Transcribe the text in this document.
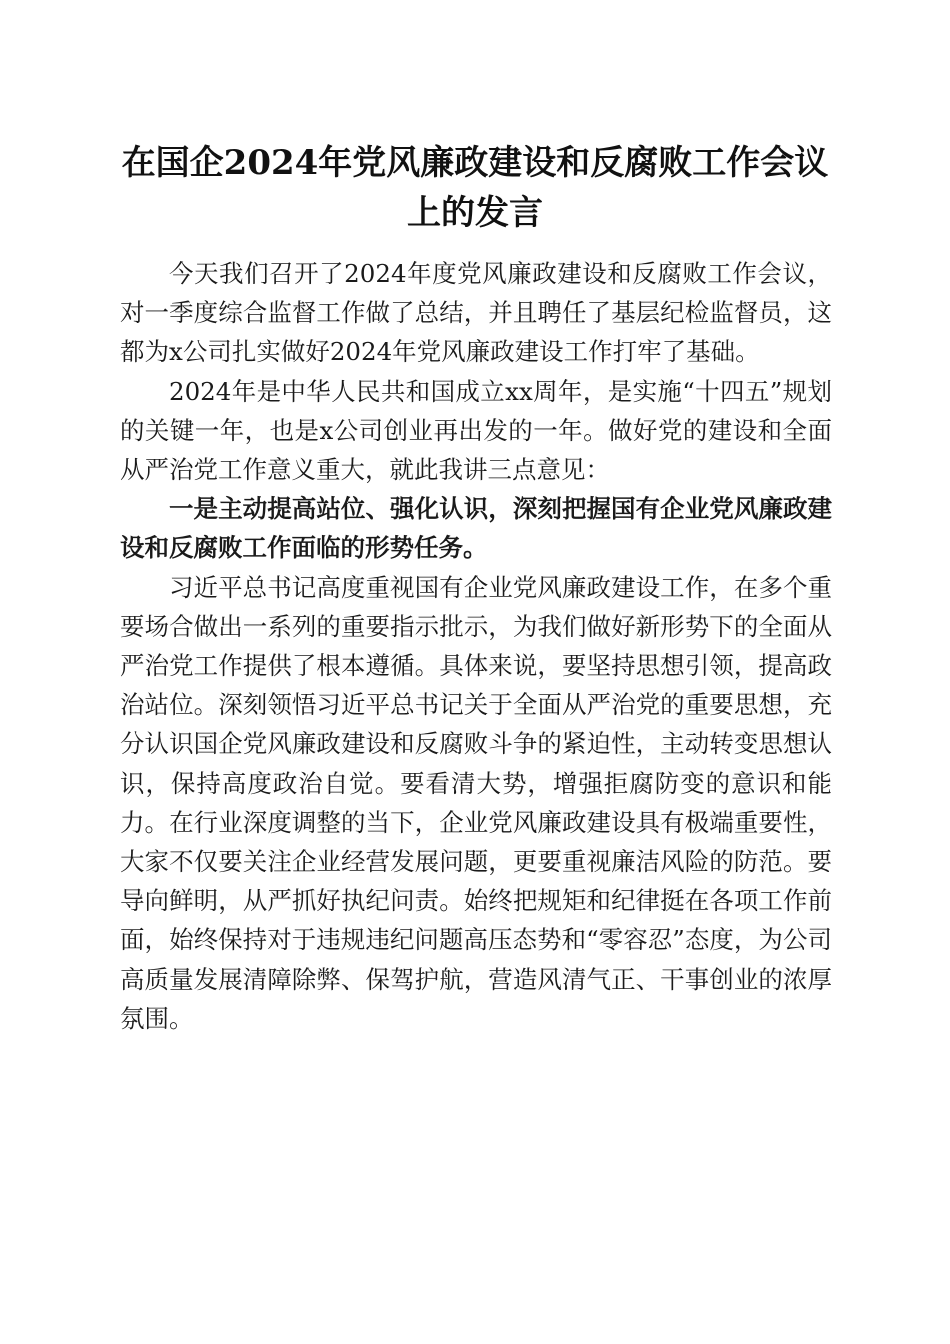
在国企2024年党风廉政建设和反腐败工作会议上的发言

今天我们召开了2024年度党风廉政建设和反腐败工作会议，对一季度综合监督工作做了总结，并且聘任了基层纪检监督员，这都为x公司扎实做好2024年党风廉政建设工作打牢了基础。

2024年是中华人民共和国成立xx周年，是实施“十四五”规划的关键一年，也是x公司创业再出发的一年。做好党的建设和全面从严治党工作意义重大，就此我讲三点意见：

一是主动提高站位、强化认识，深刻把握国有企业党风廉政建设和反腐败工作面临的形势任务。

习近平总书记高度重视国有企业党风廉政建设工作，在多个重要场合做出一系列的重要指示批示，为我们做好新形势下的全面从严治党工作提供了根本遵循。具体来说，要坚持思想引领，提高政治站位。深刻领悟习近平总书记关于全面从严治党的重要思想，充分认识国企党风廉政建设和反腐败斗争的紧迫性，主动转变思想认识，保持高度政治自觉。要看清大势，增强拒腐防变的意识和能力。在行业深度调整的当下，企业党风廉政建设具有极端重要性，大家不仅要关注企业经营发展问题，更要重视廉洁风险的防范。要导向鲜明，从严抓好执纪问责。始终把规矩和纪律挺在各项工作前面，始终保持对于违规违纪问题高压态势和“零容忍”态度，为公司高质量发展清障除弊、保驾护航，营造风清气正、干事创业的浓厚氛围。
